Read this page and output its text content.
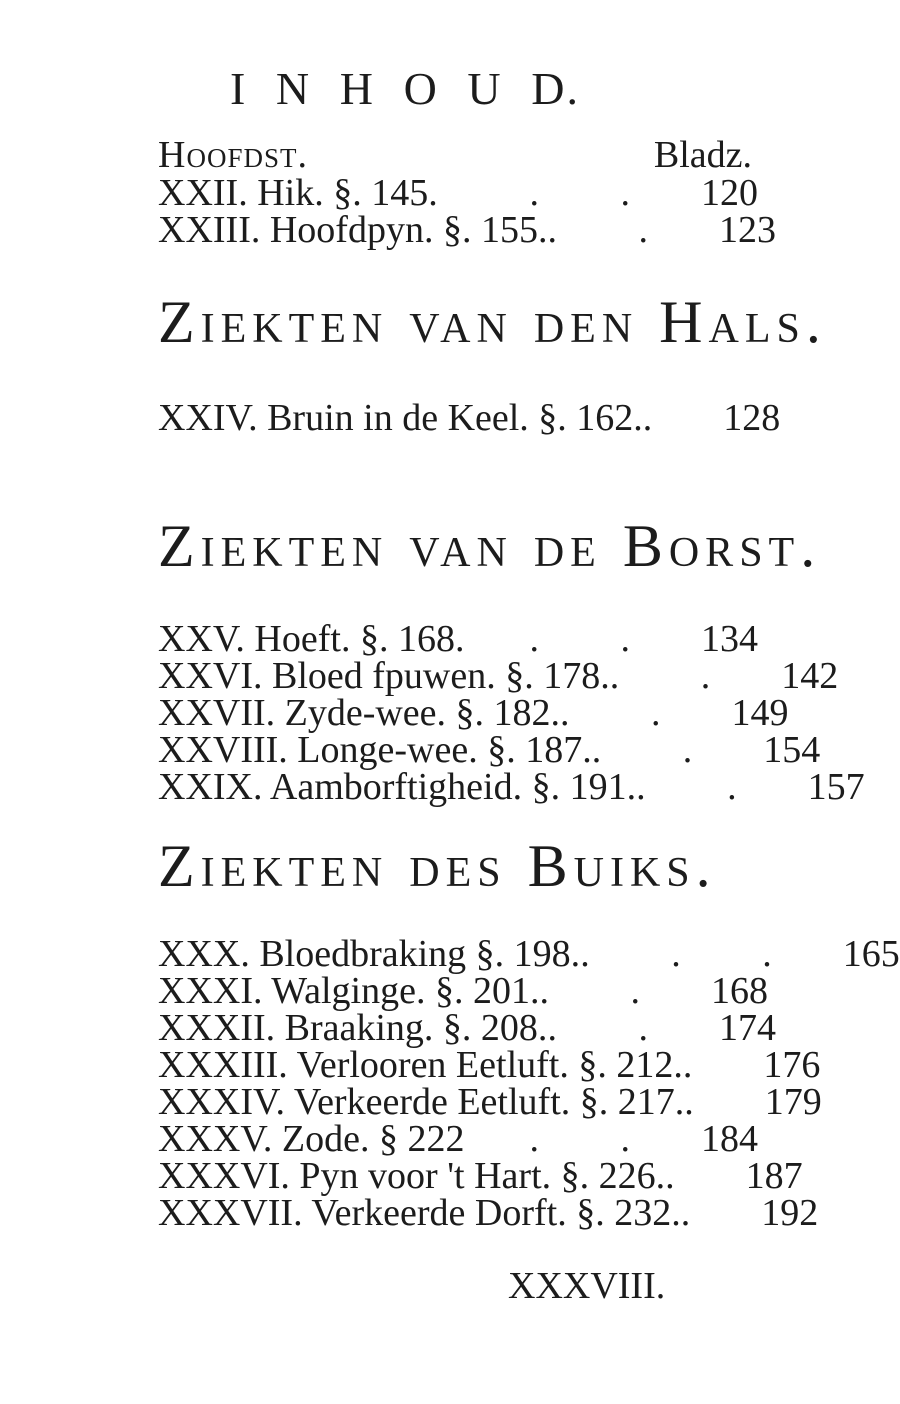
I N H O U D.
Hoofdst.	Bladz.
XXII. Hik. §. 145.	. . 120
XXIII. Hoofdpyn. §. 155. . . 123
Ziekten van den Hals.
XXIV. Bruin in de Keel. §. 162. . 128
Ziekten van de Borst.
XXV. Hoeft. §. 168.	. . 134
XXVI. Bloed fpuwen. §. 178. . . 142
XXVII. Zyde-wee. §. 182. . . 149
XXVIII. Longe-wee. §. 187. . . 154
XXIX. Aamborftigheid. §. 191. . . 157
Ziekten des Buiks.
XXX. Bloedbraking §. 198. . . . 165
XXXI. Walginge. §. 201. . . 168
XXXII. Braaking. §. 208. . . 174
XXXIII. Verlooren Eetluft. §. 212. . 176
XXXIV. Verkeerde Eetluft. §. 217. . 179
XXXV. Zode. § 222	. . 184
XXXVI. Pyn voor 't Hart. §. 226. . 187
XXXVII. Verkeerde Dorft. §. 232. . 192
XXXVIII.
